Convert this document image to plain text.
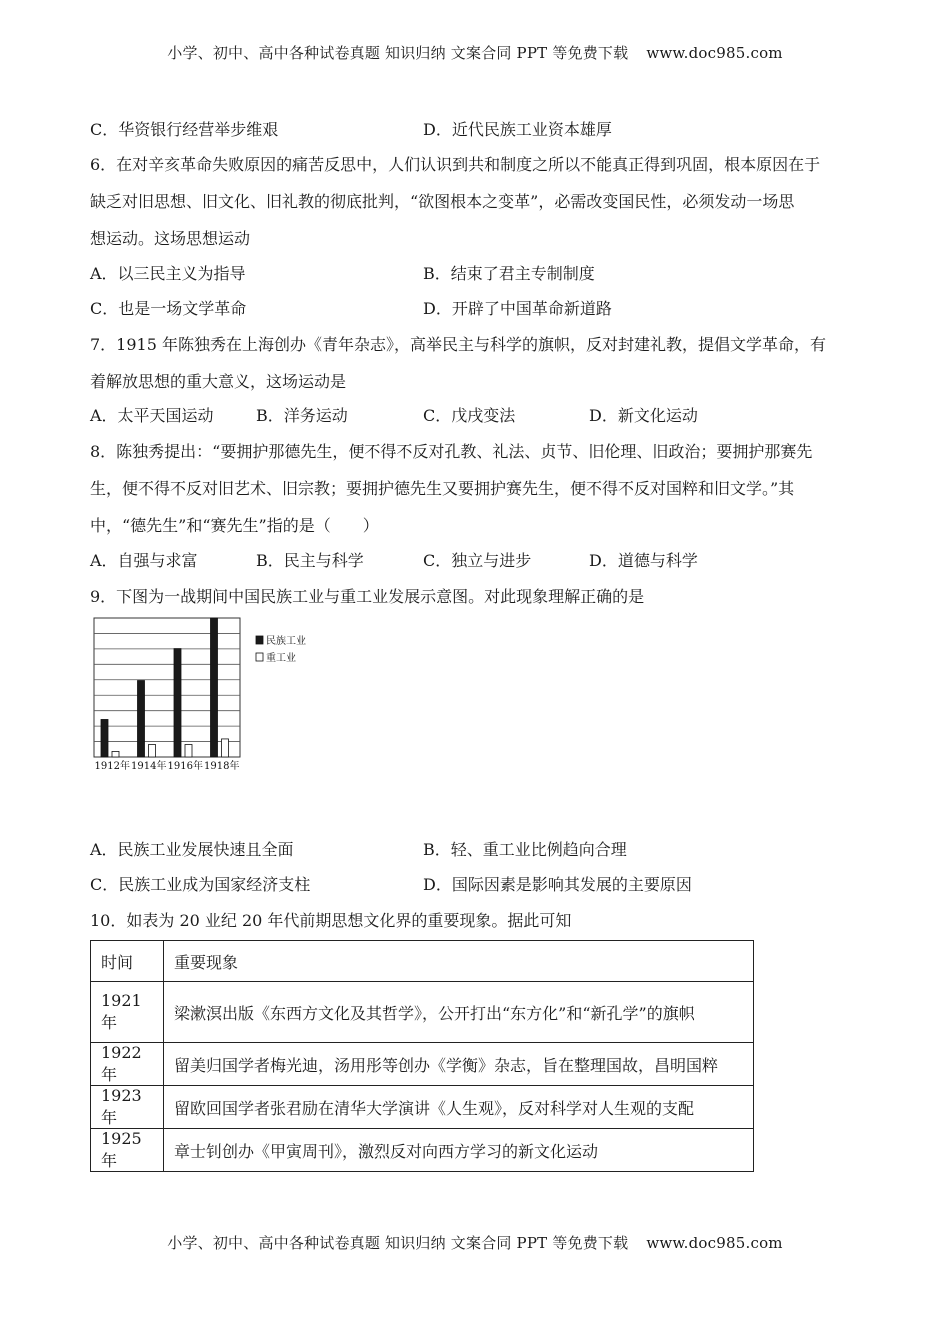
小学、初中、高中各种试卷真题 知识归纳 文案合同 PPT 等免费下载 www.doc985.com
C．华资银行经营举步维艰	D．近代民族工业资本雄厚
6．在对辛亥革命失败原因的痛苦反思中，人们认识到共和制度之所以不能真正得到巩固，根本原因在于
缺乏对旧思想、旧文化、旧礼教的彻底批判，“欲图根本之变革”，必需改变国民性，必须发动一场思
想运动。这场思想运动
A．以三民主义为指导	B．结束了君主专制制度
C．也是一场文学革命	D．开辟了中国革命新道路
7．1915 年陈独秀在上海创办《青年杂志》，高举民主与科学的旗帜，反对封建礼教，提倡文学革命，有
着解放思想的重大意义，这场运动是
A．太平天国运动	B．洋务运动	C．戊戌变法	D．新文化运动
8．陈独秀提出：“要拥护那德先生，便不得不反对孔教、礼法、贞节、旧伦理、旧政治；要拥护那赛先
生，便不得不反对旧艺术、旧宗教；要拥护德先生又要拥护赛先生，便不得不反对国粹和旧文学。”其
中，“德先生”和“赛先生”指的是（　　）
A．自强与求富	B．民主与科学	C．独立与进步	D．道德与科学
9．下图为一战期间中国民族工业与重工业发展示意图。对此现象理解正确的是
1912年 1914年 1916年 1918年
民族工业
重工业
A．民族工业发展快速且全面	B．轻、重工业比例趋向合理
C．民族工业成为国家经济支柱	D．国际因素是影响其发展的主要原因
10．如表为 20 业纪 20 年代前期思想文化界的重要现象。据此可知
时间	重要现象
1921 年	梁漱溟出版《东西方文化及其哲学》，公开打出“东方化”和“新孔学”的旗帜
1922 年	留美归国学者梅光迪，汤用彤等创办《学衡》杂志，旨在整理国故，昌明国粹
1923 年	留欧回国学者张君励在清华大学演讲《人生观》，反对科学对人生观的支配
1925 年	章士钊创办《甲寅周刊》，激烈反对向西方学习的新文化运动
小学、初中、高中各种试卷真题 知识归纳 文案合同 PPT 等免费下载 www.doc985.com
